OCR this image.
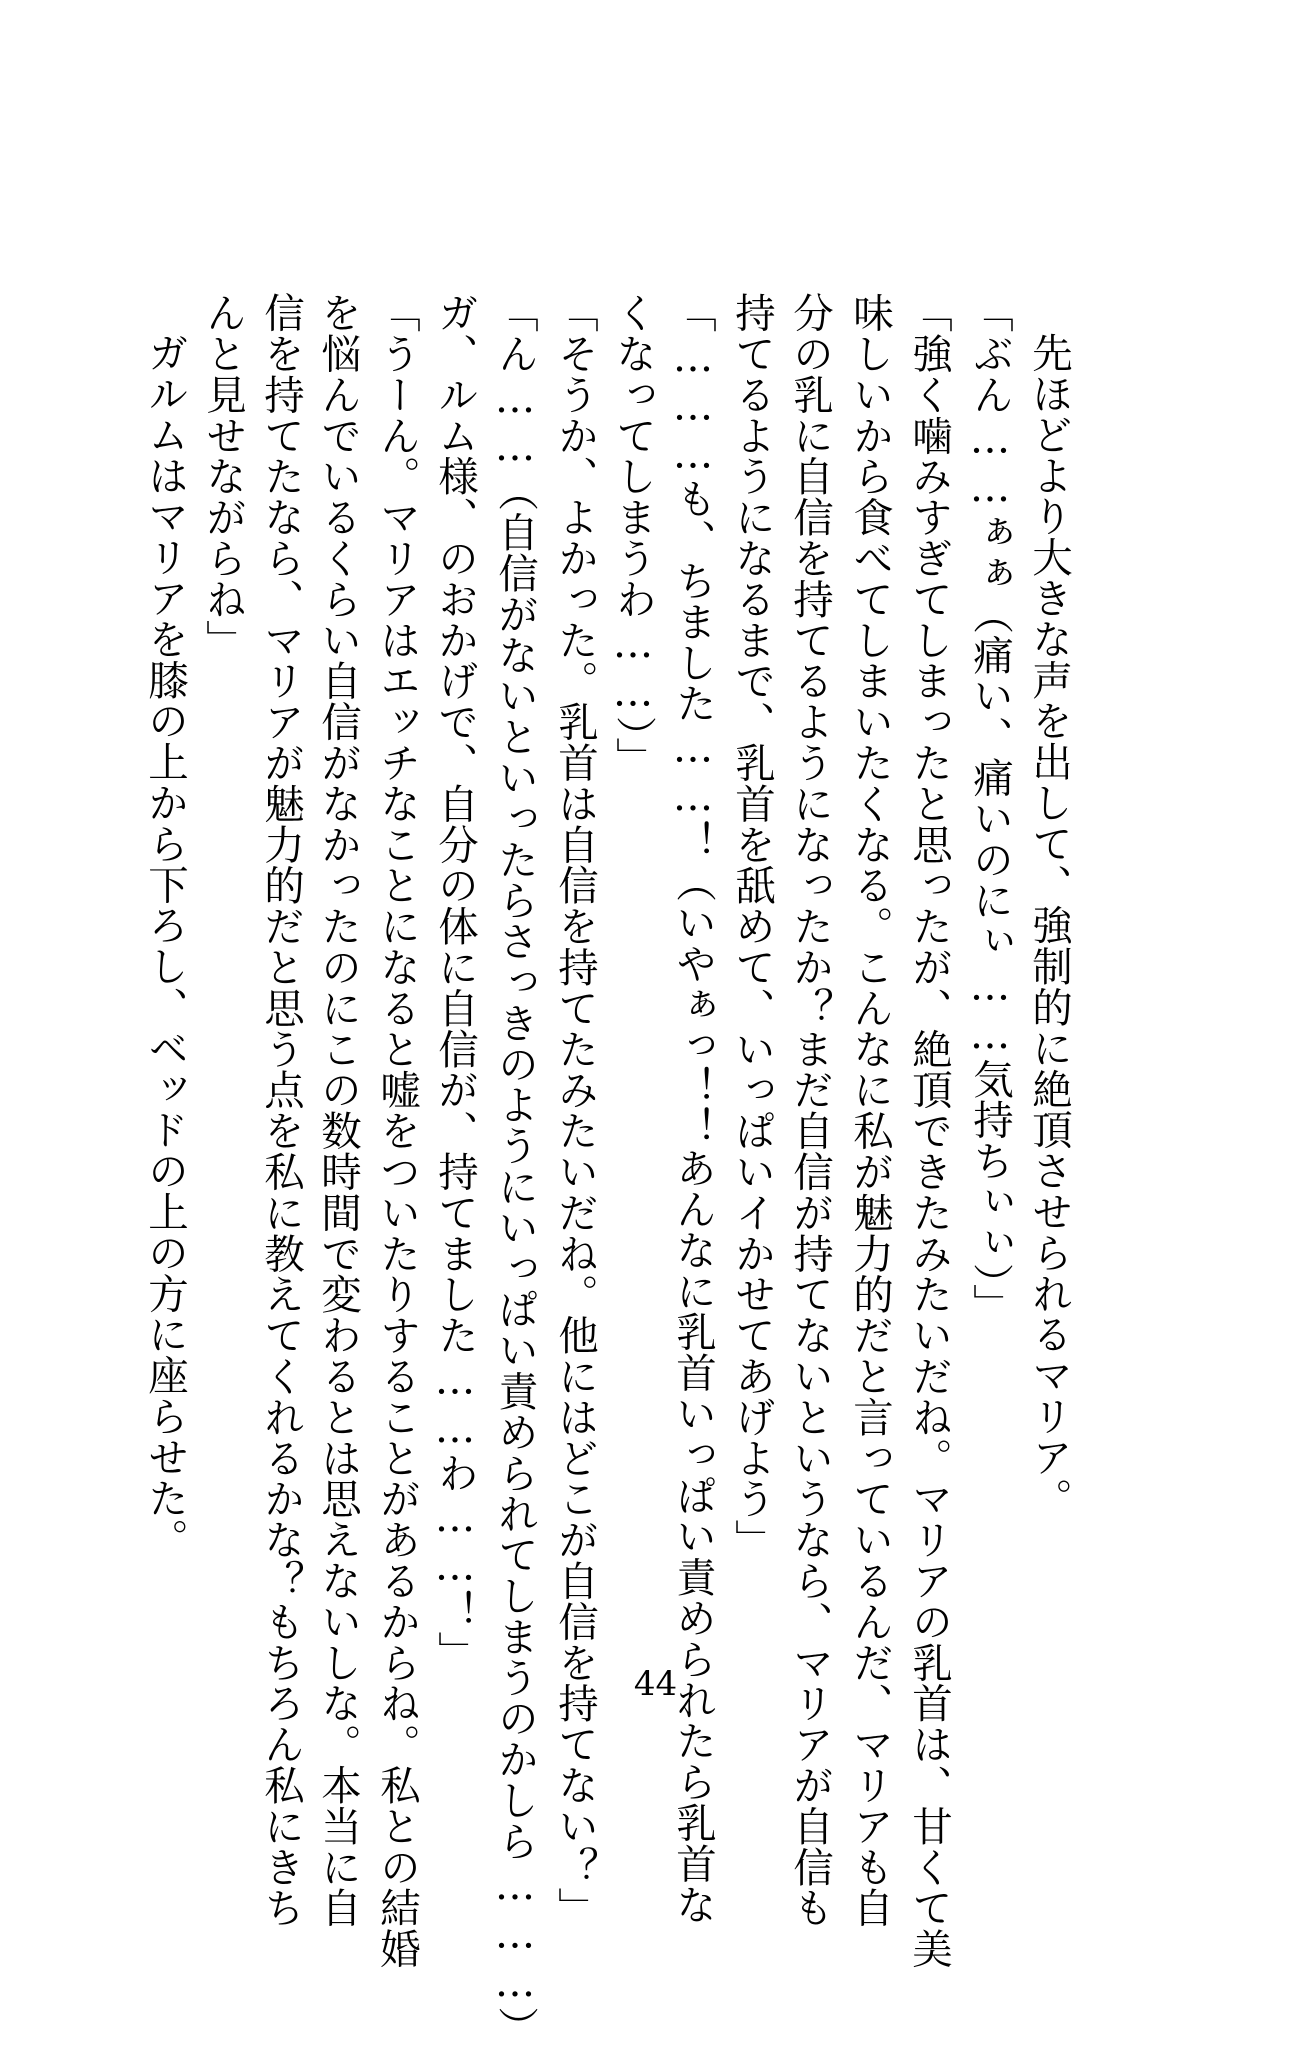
先ほどより大きな声を出して、強制的に絶頂させられるマリア。
「ぶん……ぁぁ（痛い、痛いのにぃ……気持ちぃぃ）」
「強く噛みすぎてしまったと思ったが、絶頂できたみたいだね。マリアの乳首は、甘くて美
味しいから食べてしまいたくなる。こんなに私が魅力的だと言っているんだ、マリアも自
分の乳に自信を持てるようになったか？まだ自信が持てないというなら、マリアが自信も
持てるようになるまで、乳首を舐めて、いっぱいイかせてあげよう」
「………も、ちました……！（いやぁっ！！あんなに乳首いっぱい責められたら乳首な
くなってしまうわ……）」
「そうか、よかった。乳首は自信を持てたみたいだね。他にはどこが自信を持てない？」
「ん……（自信がないといったらさっきのようにいっぱい責められてしまうのかしら………）
ガ、ルム様、のおかげで、自分の体に自信が、持てました……わ……！」
「うーん。マリアはエッチなことになると嘘をついたりすることがあるからね。私との結婚
を悩んでいるくらい自信がなかったのにこの数時間で変わるとは思えないしな。本当に自
信を持てたなら、マリアが魅力的だと思う点を私に教えてくれるかな？もちろん私にきち
んと見せながらね」
ガルムはマリアを膝の上から下ろし、ベッドの上の方に座らせた。
44
